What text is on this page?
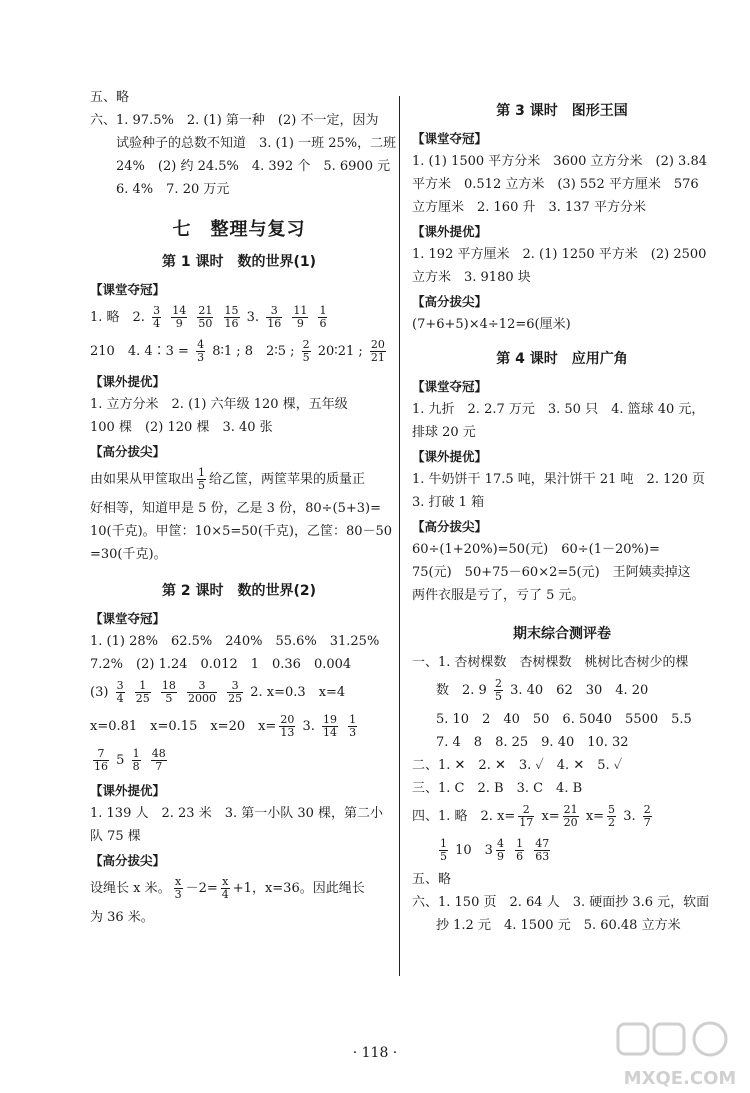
五、略
六、1. 97.5%　2. (1) 第一种　(2) 不一定，因为
试验种子的总数不知道　3. (1) 一班 25%，二班
24%　(2) 约 24.5%　4. 392 个　5. 6900 元
6. 4%　7. 20 万元
七　整理与复习
第 1 课时　数的世界(1)
【课堂夺冠】
1. 略　2. $\frac{3}{4}$
$\frac{14}{9}$
$\frac{21}{50}$
$\frac{15}{16} 3$. $\frac{3}{16}$
$\frac{11}{9}$
$\frac{1}{6}$
210　4. 4∶3 = $\frac{4}{3}$ 8∶1 ; 8　2∶5 ; $\frac{2}{5}$ 20∶21 ; $\frac{20}{21}$
【课外提优】
1. 立方分米　2. (1) 六年级 120 棵，五年级
100 棵　(2) 120 棵　3. 40 张
【高分拔尖】
由如果从甲筐取出 $\frac{1}{5}$ 给乙筐，两筐苹果的质量正
好相等，知道甲是 5 份，乙是 3 份，80÷(5+3)=
10(千克)。甲筐：10×5=50(千克)，乙筐：80－50
=30(千克)。
第 2 课时　数的世界(2)
【课堂夺冠】
1. (1) 28%　62.5%　240%　55.6%　31.25%
7.2%　(2) 1.24　0.012　1　0.36　0.004
$(3) \frac{3}{4}$
$\frac{1}{25}$
$\frac{18}{5}$
$\frac{3}{2000}$
$\frac{3}{25} 2$. x=0.3　x=4
x=0.81　x=0.15　x=20　$x= \frac{20}{13} 3$. $\frac{19}{14}$
$\frac{1}{3}$
$\frac{7}{16} 5 \frac{1}{8}$
$\frac{48}{7}$
【课外提优】
1. 139 人　2. 23 米　3. 第一小队 30 棵，第二小
队 75 棵
【高分拔尖】
设绳长 x 米。 $\frac{x}{3} -2= \frac{x}{4} +1$，x=36。因此绳长
为 36 米。
第 3 课时　图形王国
【课堂夺冠】
1. (1) 1500 平方分米　3600 立方分米　(2) 3.84
平方米　0.512 立方米　(3) 552 平方厘米　576
立方厘米　2. 160 升　3. 137 平方分米
【课外提优】
1. 192 平方厘米　2. (1) 1250 平方米　(2) 2500
立方米　3. 9180 块
【高分拔尖】
(7+6+5)×4÷12=6(厘米)
第 4 课时　应用广角
【课堂夺冠】
1. 九折　2. 2.7 万元　3. 50 只　4. 篮球 40 元，
排球 20 元
【课外提优】
1. 牛奶饼干 17.5 吨，果汁饼干 21 吨　2. 120 页
3. 打破 1 箱
【高分拔尖】
60÷(1+20%)=50(元)　60÷(1－20%)=
75(元)　50+75－60×2=5(元)　王阿姨卖掉这
两件衣服是亏了，亏了 5 元。
期末综合测评卷
一、1. 杏树棵数　杏树棵数　桃树比杏树少的棵
数　2. $9 \frac{2}{5} 3$. 40　62　30　4. 20
5. 10　2　40　50　6. 5040　5500　5.5
7. 4　8　8. 25　9. 40　10. 32
二、1. ✕　2. ✕　3. ✓　4. ✕　5. ✓
三、1. C　2. B　3. C　4. B
四、1. 略　2. $x= \frac{2}{17} x= \frac{21}{20} x= \frac{5}{2} 3$. $\frac{2}{7}$
$\frac{1}{5} 10$　$3 \frac{4}{9}$
$\frac{1}{6}$
$\frac{47}{63}$
五、略
六、1. 150 页　2. 64 人　3. 硬面抄 3.6 元，软面
抄 1.2 元　4. 1500 元　5. 60.48 立方米
· 118 ·
MXQE.COM
